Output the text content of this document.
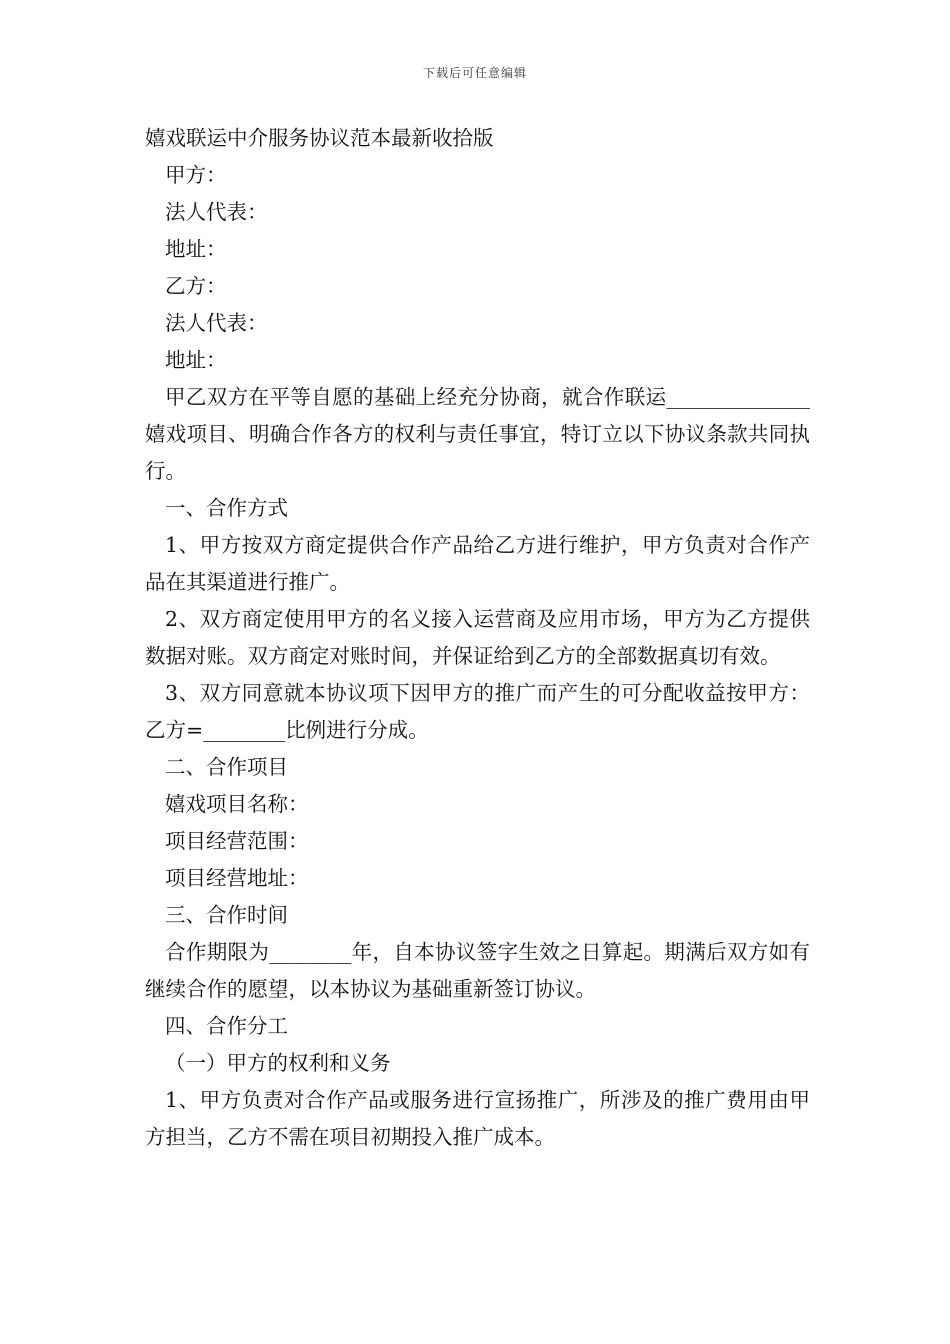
下载后可任意编辑
嬉戏联运中介服务协议范本最新收拾版
甲方：
法人代表：
地址：
乙方：
法人代表：
地址：
甲乙双方在平等自愿的基础上经充分协商，就合作联运______________嬉戏项目、明确合作各方的权利与责任事宜，特订立以下协议条款共同执行。
一、合作方式
1、甲方按双方商定提供合作产品给乙方进行维护，甲方负责对合作产品在其渠道进行推广。
2、双方商定使用甲方的名义接入运营商及应用市场，甲方为乙方提供数据对账。双方商定对账时间，并保证给到乙方的全部数据真切有效。
3、双方同意就本协议项下因甲方的推广而产生的可分配收益按甲方：乙方=________比例进行分成。
二、合作项目
嬉戏项目名称：
项目经营范围：
项目经营地址：
三、合作时间
合作期限为________年，自本协议签字生效之日算起。期满后双方如有继续合作的愿望，以本协议为基础重新签订协议。
四、合作分工
（一）甲方的权利和义务
1、甲方负责对合作产品或服务进行宣扬推广，所涉及的推广费用由甲方担当，乙方不需在项目初期投入推广成本。
